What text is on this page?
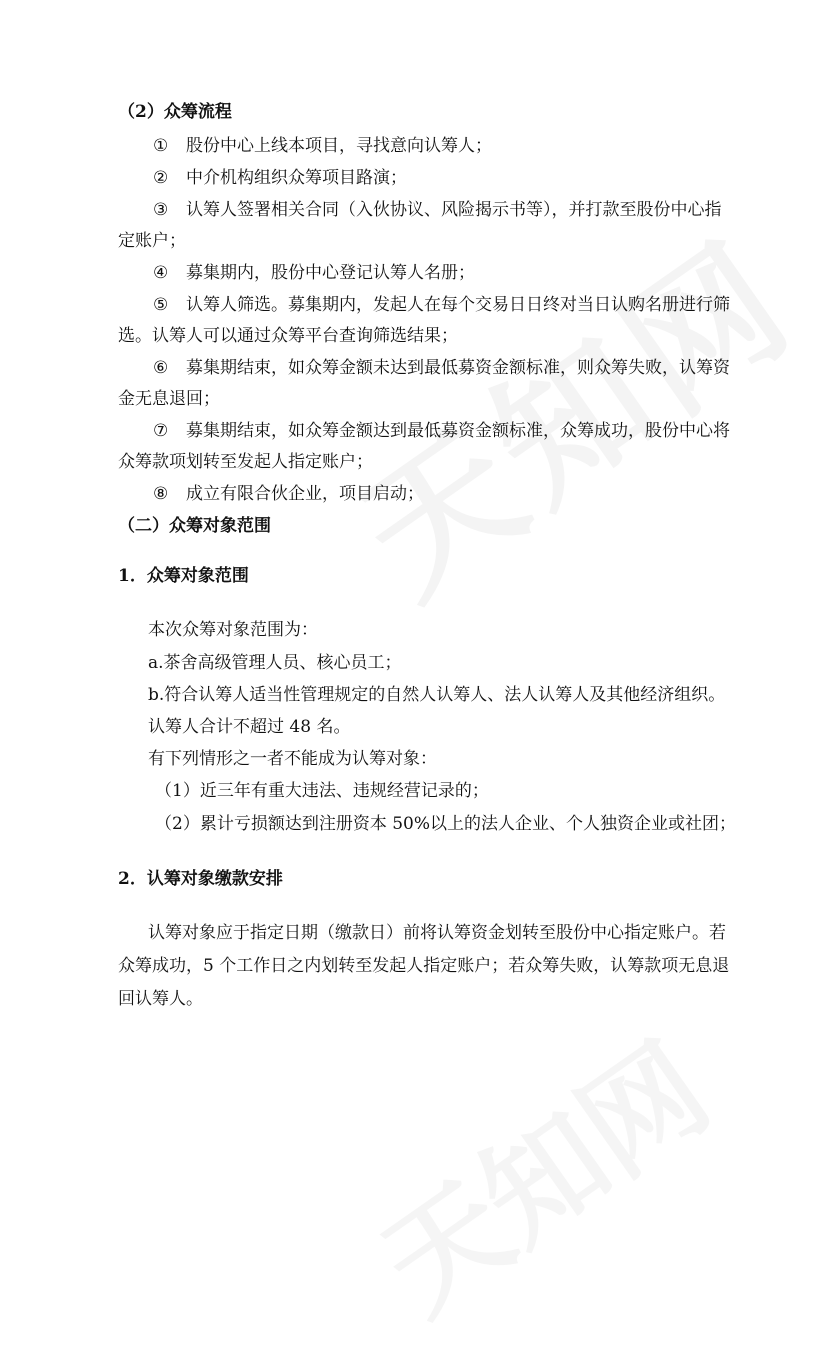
（2）众筹流程
① 股份中心上线本项目，寻找意向认筹人；
② 中介机构组织众筹项目路演；
③ 认筹人签署相关合同（入伙协议、风险揭示书等），并打款至股份中心指
定账户；
④ 募集期内，股份中心登记认筹人名册；
⑤ 认筹人筛选。募集期内，发起人在每个交易日日终对当日认购名册进行筛
选。认筹人可以通过众筹平台查询筛选结果；
⑥ 募集期结束，如众筹金额未达到最低募资金额标准，则众筹失败，认筹资
金无息退回；
⑦ 募集期结束，如众筹金额达到最低募资金额标准，众筹成功，股份中心将
众筹款项划转至发起人指定账户；
⑧ 成立有限合伙企业，项目启动；
（二）众筹对象范围
1．众筹对象范围
本次众筹对象范围为：
a.茶舍高级管理人员、核心员工；
b.符合认筹人适当性管理规定的自然人认筹人、法人认筹人及其他经济组织。
认筹人合计不超过 48 名。
有下列情形之一者不能成为认筹对象：
（1）近三年有重大违法、违规经营记录的；
（2）累计亏损额达到注册资本 50%以上的法人企业、个人独资企业或社团；
2．认筹对象缴款安排
认筹对象应于指定日期（缴款日）前将认筹资金划转至股份中心指定账户。若
众筹成功，5 个工作日之内划转至发起人指定账户；若众筹失败，认筹款项无息退
回认筹人。
